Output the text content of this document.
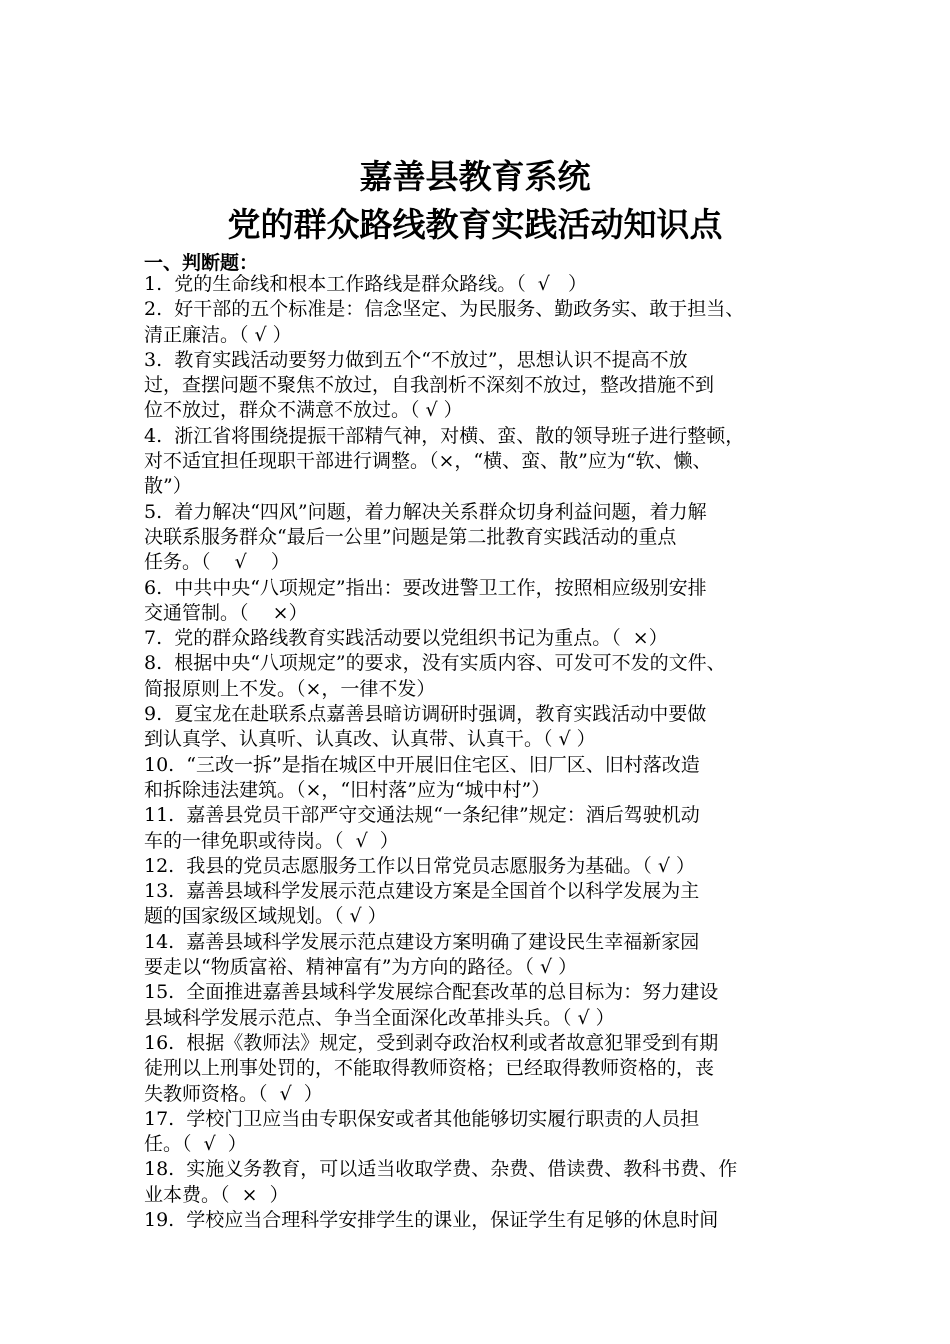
嘉善县教育系统
党的群众路线教育实践活动知识点
一、判断题：
1.  党的生命线和根本工作路线是群众路线。（  √   ）
2.  好干部的五个标准是：信念坚定、为民服务、勤政务实、敢于担当、
清正廉洁。（ √ ）
3.  教育实践活动要努力做到五个“不放过”，思想认识不提高不放
过，查摆问题不聚焦不放过，自我剖析不深刻不放过，整改措施不到
位不放过，群众不满意不放过。（ √ ）
4.  浙江省将围绕提振干部精气神，对横、蛮、散的领导班子进行整顿，
对不适宜担任现职干部进行调整。（×，“横、蛮、散”应为“软、懒、
散”）
5.  着力解决“四风”问题，着力解决关系群众切身利益问题，着力解
决联系服务群众“最后一公里”问题是第二批教育实践活动的重点
任务。（    √    ）
6.  中共中央“八项规定”指出：要改进警卫工作，按照相应级别安排
交通管制。（    ×）
7.  党的群众路线教育实践活动要以党组织书记为重点。（  ×）
8.  根据中央“八项规定”的要求，没有实质内容、可发可不发的文件、
简报原则上不发。（×，一律不发）
9.  夏宝龙在赴联系点嘉善县暗访调研时强调，教育实践活动中要做
到认真学、认真听、认真改、认真带、认真干。（ √ ）
10.  “三改一拆”是指在城区中开展旧住宅区、旧厂区、旧村落改造
和拆除违法建筑。（×，“旧村落”应为“城中村”）
11.  嘉善县党员干部严守交通法规“一条纪律”规定：酒后驾驶机动
车的一律免职或待岗。（  √  ）
12.  我县的党员志愿服务工作以日常党员志愿服务为基础。（ √ ）
13.  嘉善县域科学发展示范点建设方案是全国首个以科学发展为主
题的国家级区域规划。（ √ ）
14.  嘉善县域科学发展示范点建设方案明确了建设民生幸福新家园
要走以“物质富裕、精神富有”为方向的路径。（ √ ）
15.  全面推进嘉善县域科学发展综合配套改革的总目标为：努力建设
县域科学发展示范点、争当全面深化改革排头兵。（ √ ）
16.  根据《教师法》规定，受到剥夺政治权利或者故意犯罪受到有期
徒刑以上刑事处罚的，不能取得教师资格；已经取得教师资格的，丧
失教师资格。（  √  ）
17.  学校门卫应当由专职保安或者其他能够切实履行职责的人员担
任。（  √  ）
18.  实施义务教育，可以适当收取学费、杂费、借读费、教科书费、作
业本费。（  ×  ）
19.  学校应当合理科学安排学生的课业，保证学生有足够的休息时间
